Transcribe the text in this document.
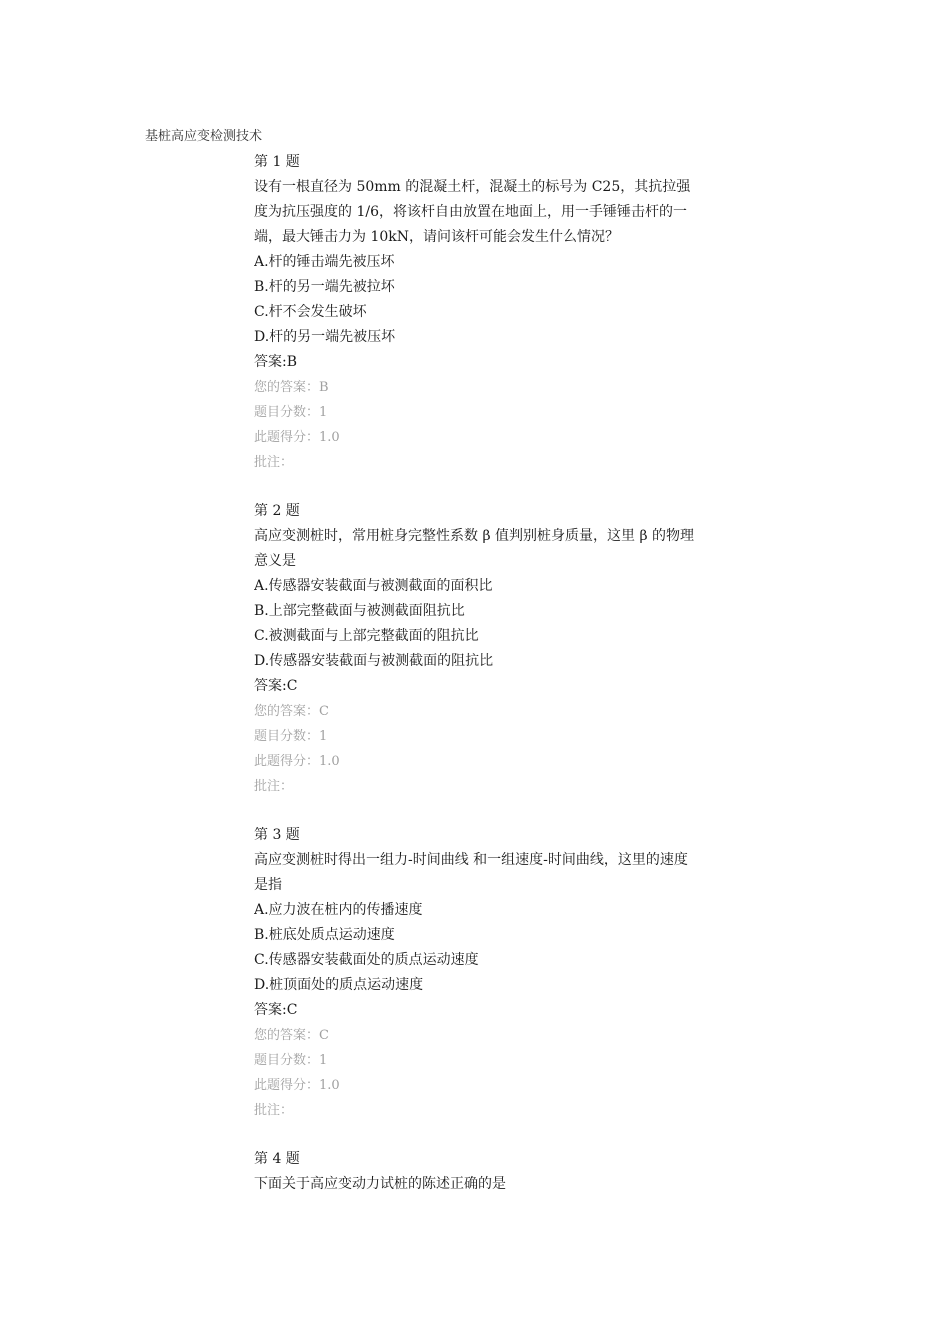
基桩高应变检测技术
第 1 题
设有一根直径为 50mm 的混凝土杆，混凝土的标号为 C25，其抗拉强度为抗压强度的 1/6，将该杆自由放置在地面上，用一手锤锤击杆的一端，最大锤击力为 10kN，请问该杆可能会发生什么情况？
A.杆的锤击端先被压坏
B.杆的另一端先被拉坏
C.杆不会发生破坏
D.杆的另一端先被压坏
答案:B
您的答案：B
题目分数：1
此题得分：1.0
批注：
第 2 题
高应变测桩时，常用桩身完整性系数 β 值判别桩身质量，这里 β 的物理意义是
A.传感器安装截面与被测截面的面积比
B.上部完整截面与被测截面阻抗比
C.被测截面与上部完整截面的阻抗比
D.传感器安装截面与被测截面的阻抗比
答案:C
您的答案：C
题目分数：1
此题得分：1.0
批注：
第 3 题
高应变测桩时得出一组力-时间曲线 和一组速度-时间曲线，这里的速度是指
A.应力波在桩内的传播速度
B.桩底处质点运动速度
C.传感器安装截面处的质点运动速度
D.桩顶面处的质点运动速度
答案:C
您的答案：C
题目分数：1
此题得分：1.0
批注：
第 4 题
下面关于高应变动力试桩的陈述正确的是
